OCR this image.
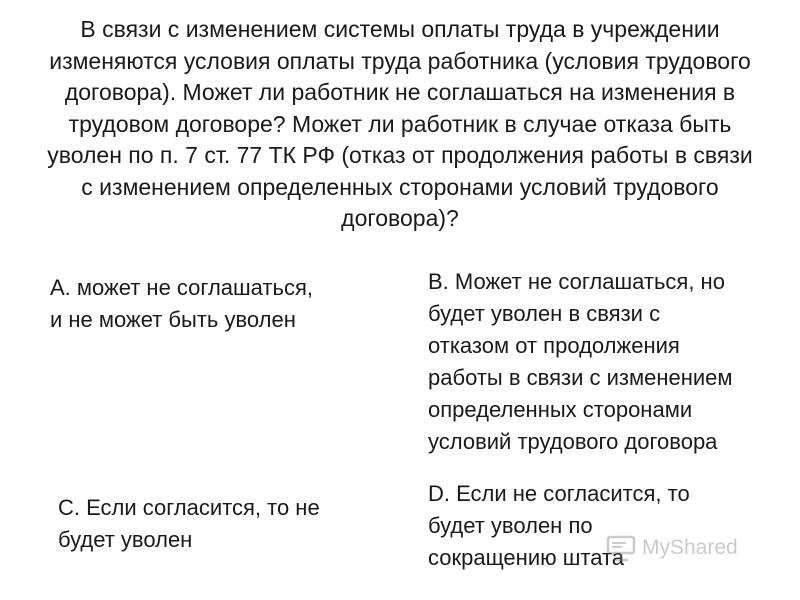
В связи с изменением системы оплаты труда в учреждении
изменяются условия оплаты труда работника (условия трудового
договора). Может ли работник не соглашаться на изменения в
трудовом договоре? Может ли работник в случае отказа быть
уволен по п. 7 ст. 77 ТК РФ (отказ от продолжения работы в связи
с изменением определенных сторонами условий трудового
договора)?
А. может не соглашаться,
и не может быть уволен
В. Может не соглашаться, но
будет уволен в связи с
отказом от продолжения
работы в связи с изменением
определенных сторонами
условий трудового договора
С. Если согласится, то не
будет уволен
D. Если не согласится, то
будет уволен по
сокращению штата MyShared
